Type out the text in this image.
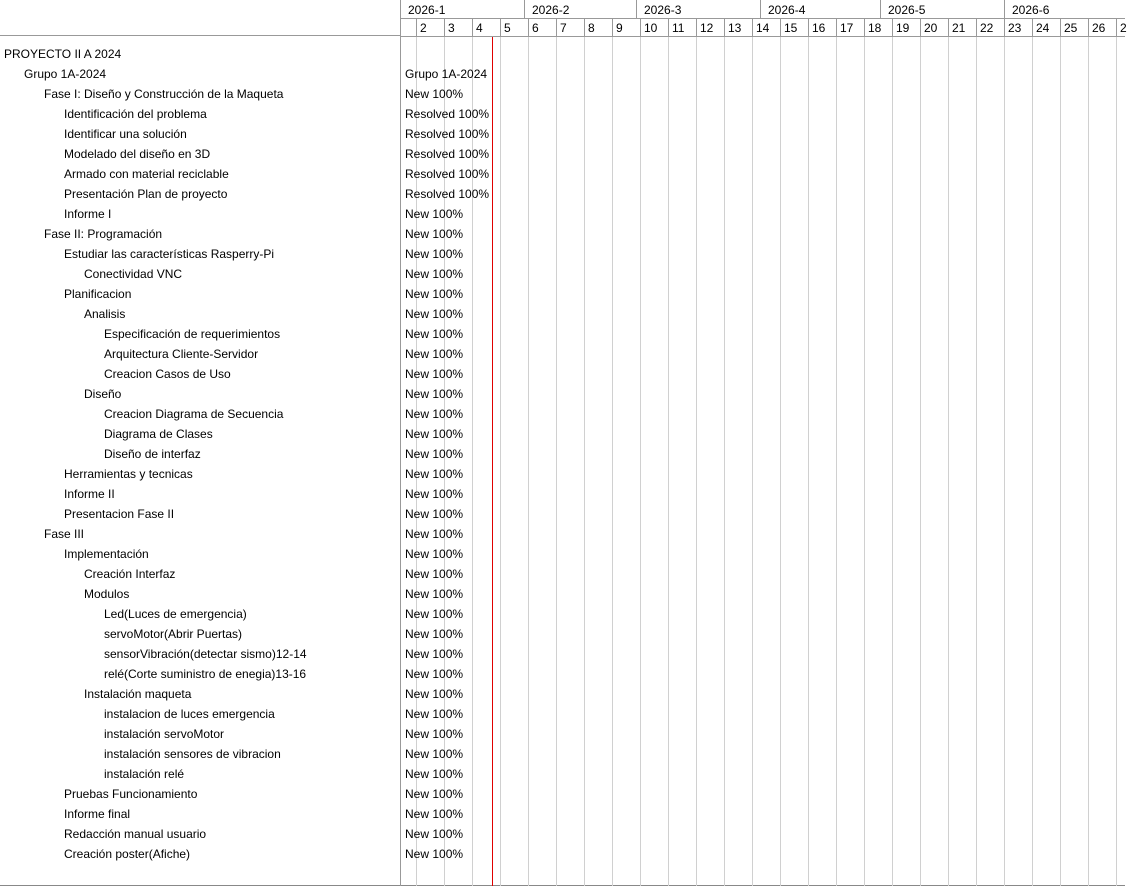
2026-1	2026-2	2026-3	2026-4	2026-5	2026-6
2	3	4	5	6	7	8	9	10	11	12	13	14	15	16	17	18	19	20	21	22	23	24	25	26	2
PROYECTO II A 2024
Grupo 1A-2024	Grupo 1A-2024
Fase I: Diseño y Construcción de la Maqueta	New 100%
Identificación del problema	Resolved 100%
Identificar una solución	Resolved 100%
Modelado del diseño en 3D	Resolved 100%
Armado con material reciclable	Resolved 100%
Presentación Plan de proyecto	Resolved 100%
Informe I	New 100%
Fase II: Programación	New 100%
Estudiar las características Rasperry-Pi	New 100%
Conectividad VNC	New 100%
Planificacion	New 100%
Analisis	New 100%
Especificación de requerimientos	New 100%
Arquitectura Cliente-Servidor	New 100%
Creacion Casos de Uso	New 100%
Diseño	New 100%
Creacion Diagrama de Secuencia	New 100%
Diagrama de Clases	New 100%
Diseño de interfaz	New 100%
Herramientas y tecnicas	New 100%
Informe II	New 100%
Presentacion Fase II	New 100%
Fase III	New 100%
Implementación	New 100%
Creación Interfaz	New 100%
Modulos	New 100%
Led(Luces de emergencia)	New 100%
servoMotor(Abrir Puertas)	New 100%
sensorVibración(detectar sismo)12-14	New 100%
relé(Corte suministro de enegia)13-16	New 100%
Instalación maqueta	New 100%
instalacion de luces emergencia	New 100%
instalación servoMotor	New 100%
instalación sensores de vibracion	New 100%
instalación relé	New 100%
Pruebas Funcionamiento	New 100%
Informe final	New 100%
Redacción manual usuario	New 100%
Creación poster(Afiche)	New 100%
